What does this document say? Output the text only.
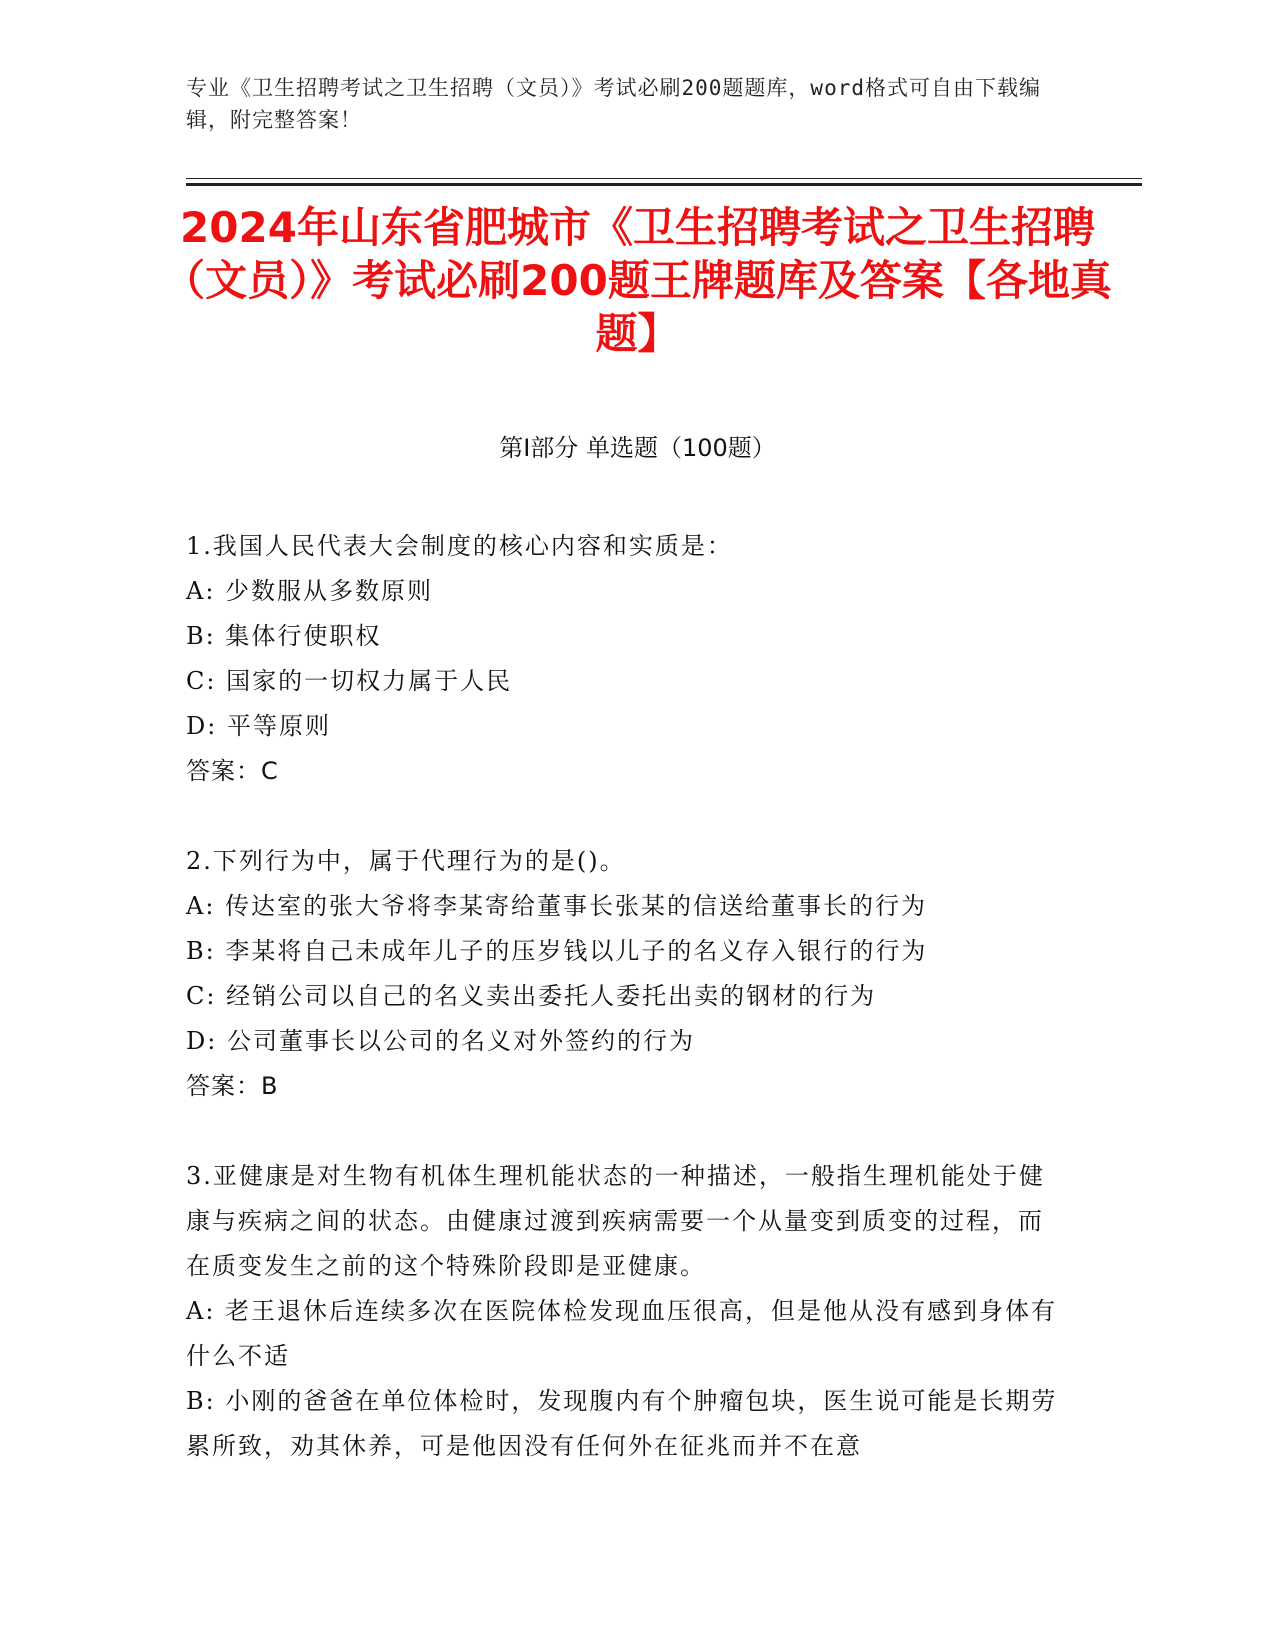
专业《卫生招聘考试之卫生招聘（文员）》考试必刷200题题库，word格式可自由下载编辑，附完整答案！
2024年山东省肥城市《卫生招聘考试之卫生招聘（文员）》考试必刷200题王牌题库及答案【各地真题】
第Ⅰ部分 单选题（100题）

1.我国人民代表大会制度的核心内容和实质是：

A: 少数服从多数原则

B: 集体行使职权

C: 国家的一切权力属于人民

D: 平等原则

答案：C

2.下列行为中，属于代理行为的是()。

A: 传达室的张大爷将李某寄给董事长张某的信送给董事长的行为

B: 李某将自己未成年儿子的压岁钱以儿子的名义存入银行的行为

C: 经销公司以自己的名义卖出委托人委托出卖的钢材的行为

D: 公司董事长以公司的名义对外签约的行为

答案：B

3.亚健康是对生物有机体生理机能状态的一种描述，一般指生理机能处于健康与疾病之间的状态。由健康过渡到疾病需要一个从量变到质变的过程，而在质变发生之前的这个特殊阶段即是亚健康。

A: 老王退休后连续多次在医院体检发现血压很高，但是他从没有感到身体有什么不适

B: 小刚的爸爸在单位体检时，发现腹内有个肿瘤包块，医生说可能是长期劳累所致，劝其休养，可是他因没有任何外在征兆而并不在意
